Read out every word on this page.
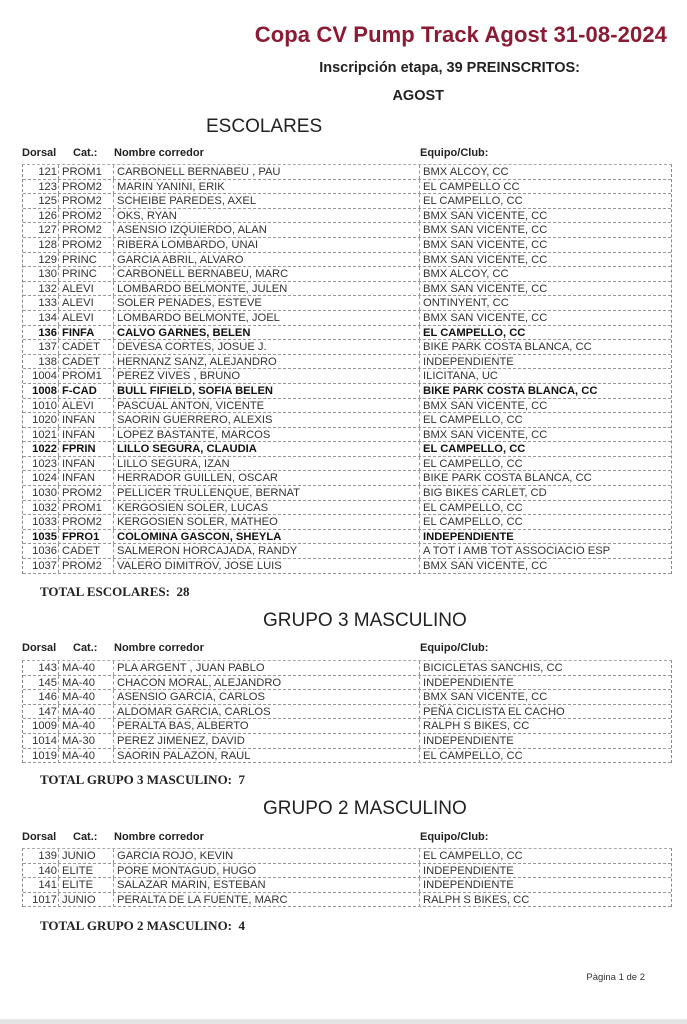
Copa CV Pump Track Agost 31-08-2024
Inscripción etapa, 39 PREINSCRITOS:
AGOST
ESCOLARES
Dorsal Cat.: Nombre corredor	Equipo/Club:
121 PROM1	CARBONELL BERNABEU , PAU	BMX ALCOY, CC
123 PROM2	MARIN YANINI, ERIK	EL CAMPELLO CC
125 PROM2	SCHEIBE PAREDES, AXEL	EL CAMPELLO, CC
126 PROM2	OKS, RYAN	BMX SAN VICENTE, CC
127 PROM2	ASENSIO IZQUIERDO, ALAN	BMX SAN VICENTE, CC
128 PROM2	RIBERA LOMBARDO, UNAI	BMX SAN VICENTE, CC
129 PRINC	GARCIA ABRIL, ALVARO	BMX SAN VICENTE, CC
130 PRINC	CARBONELL BERNABEU, MARC	BMX ALCOY, CC
132 ALEVI	LOMBARDO BELMONTE, JULEN	BMX SAN VICENTE, CC
133 ALEVI	SOLER PENADES, ESTEVE	ONTINYENT, CC
134 ALEVI	LOMBARDO BELMONTE, JOEL	BMX SAN VICENTE, CC
136 FINFA	CALVO GARNES, BELEN	EL CAMPELLO, CC
137 CADET	DEVESA CORTES, JOSUE J.	BIKE PARK COSTA BLANCA, CC
138 CADET	HERNANZ SANZ, ALEJANDRO	INDEPENDIENTE
1004 PROM1	PEREZ VIVES , BRUNO	ILICITANA, UC
1008 F-CAD	BULL FIFIELD, SOFIA BELEN	BIKE PARK COSTA BLANCA, CC
1010 ALEVI	PASCUAL ANTON, VICENTE	BMX SAN VICENTE, CC
1020 INFAN	SAORIN GUERRERO, ALEXIS	EL CAMPELLO, CC
1021 INFAN	LOPEZ BASTANTE, MARCOS	BMX SAN VICENTE, CC
1022 FPRIN	LILLO SEGURA, CLAUDIA	EL CAMPELLO, CC
1023 INFAN	LILLO SEGURA, IZAN	EL CAMPELLO, CC
1024 INFAN	HERRADOR GUILLEN, OSCAR	BIKE PARK COSTA BLANCA, CC
1030 PROM2	PELLICER TRULLENQUE, BERNAT	BIG BIKES CARLET, CD
1032 PROM1	KERGOSIEN SOLER, LUCAS	EL CAMPELLO, CC
1033 PROM2	KERGOSIEN SOLER, MATHEO	EL CAMPELLO, CC
1035 FPRO1	COLOMINA GASCON, SHEYLA	INDEPENDIENTE
1036 CADET	SALMERON HORCAJADA, RANDY	A TOT I AMB TOT ASSOCIACIO ESP
1037 PROM2	VALERO DIMITROV, JOSE LUIS	BMX SAN VICENTE, CC
TOTAL ESCOLARES: 28
GRUPO 3 MASCULINO
Dorsal Cat.: Nombre corredor	Equipo/Club:
143 MA-40	PLA ARGENT , JUAN PABLO	BICICLETAS SANCHIS, CC
145 MA-40	CHACON MORAL, ALEJANDRO	INDEPENDIENTE
146 MA-40	ASENSIO GARCIA, CARLOS	BMX SAN VICENTE, CC
147 MA-40	ALDOMAR GARCIA, CARLOS	PEÑA CICLISTA EL CACHO
1009 MA-40	PERALTA BAS, ALBERTO	RALPH S BIKES, CC
1014 MA-30	PEREZ JIMENEZ, DAVID	INDEPENDIENTE
1019 MA-40	SAORIN PALAZON, RAUL	EL CAMPELLO, CC
TOTAL GRUPO 3 MASCULINO: 7
GRUPO 2 MASCULINO
Dorsal Cat.: Nombre corredor	Equipo/Club:
139 JUNIO	GARCIA ROJO, KEVIN	EL CAMPELLO, CC
140 ELITE	PORE MONTAGUD, HUGO	INDEPENDIENTE
141 ELITE	SALAZAR MARIN, ESTEBAN	INDEPENDIENTE
1017 JUNIO	PERALTA DE LA FUENTE, MARC	RALPH S BIKES, CC
TOTAL GRUPO 2 MASCULINO: 4
Pàgina 1 de 2
